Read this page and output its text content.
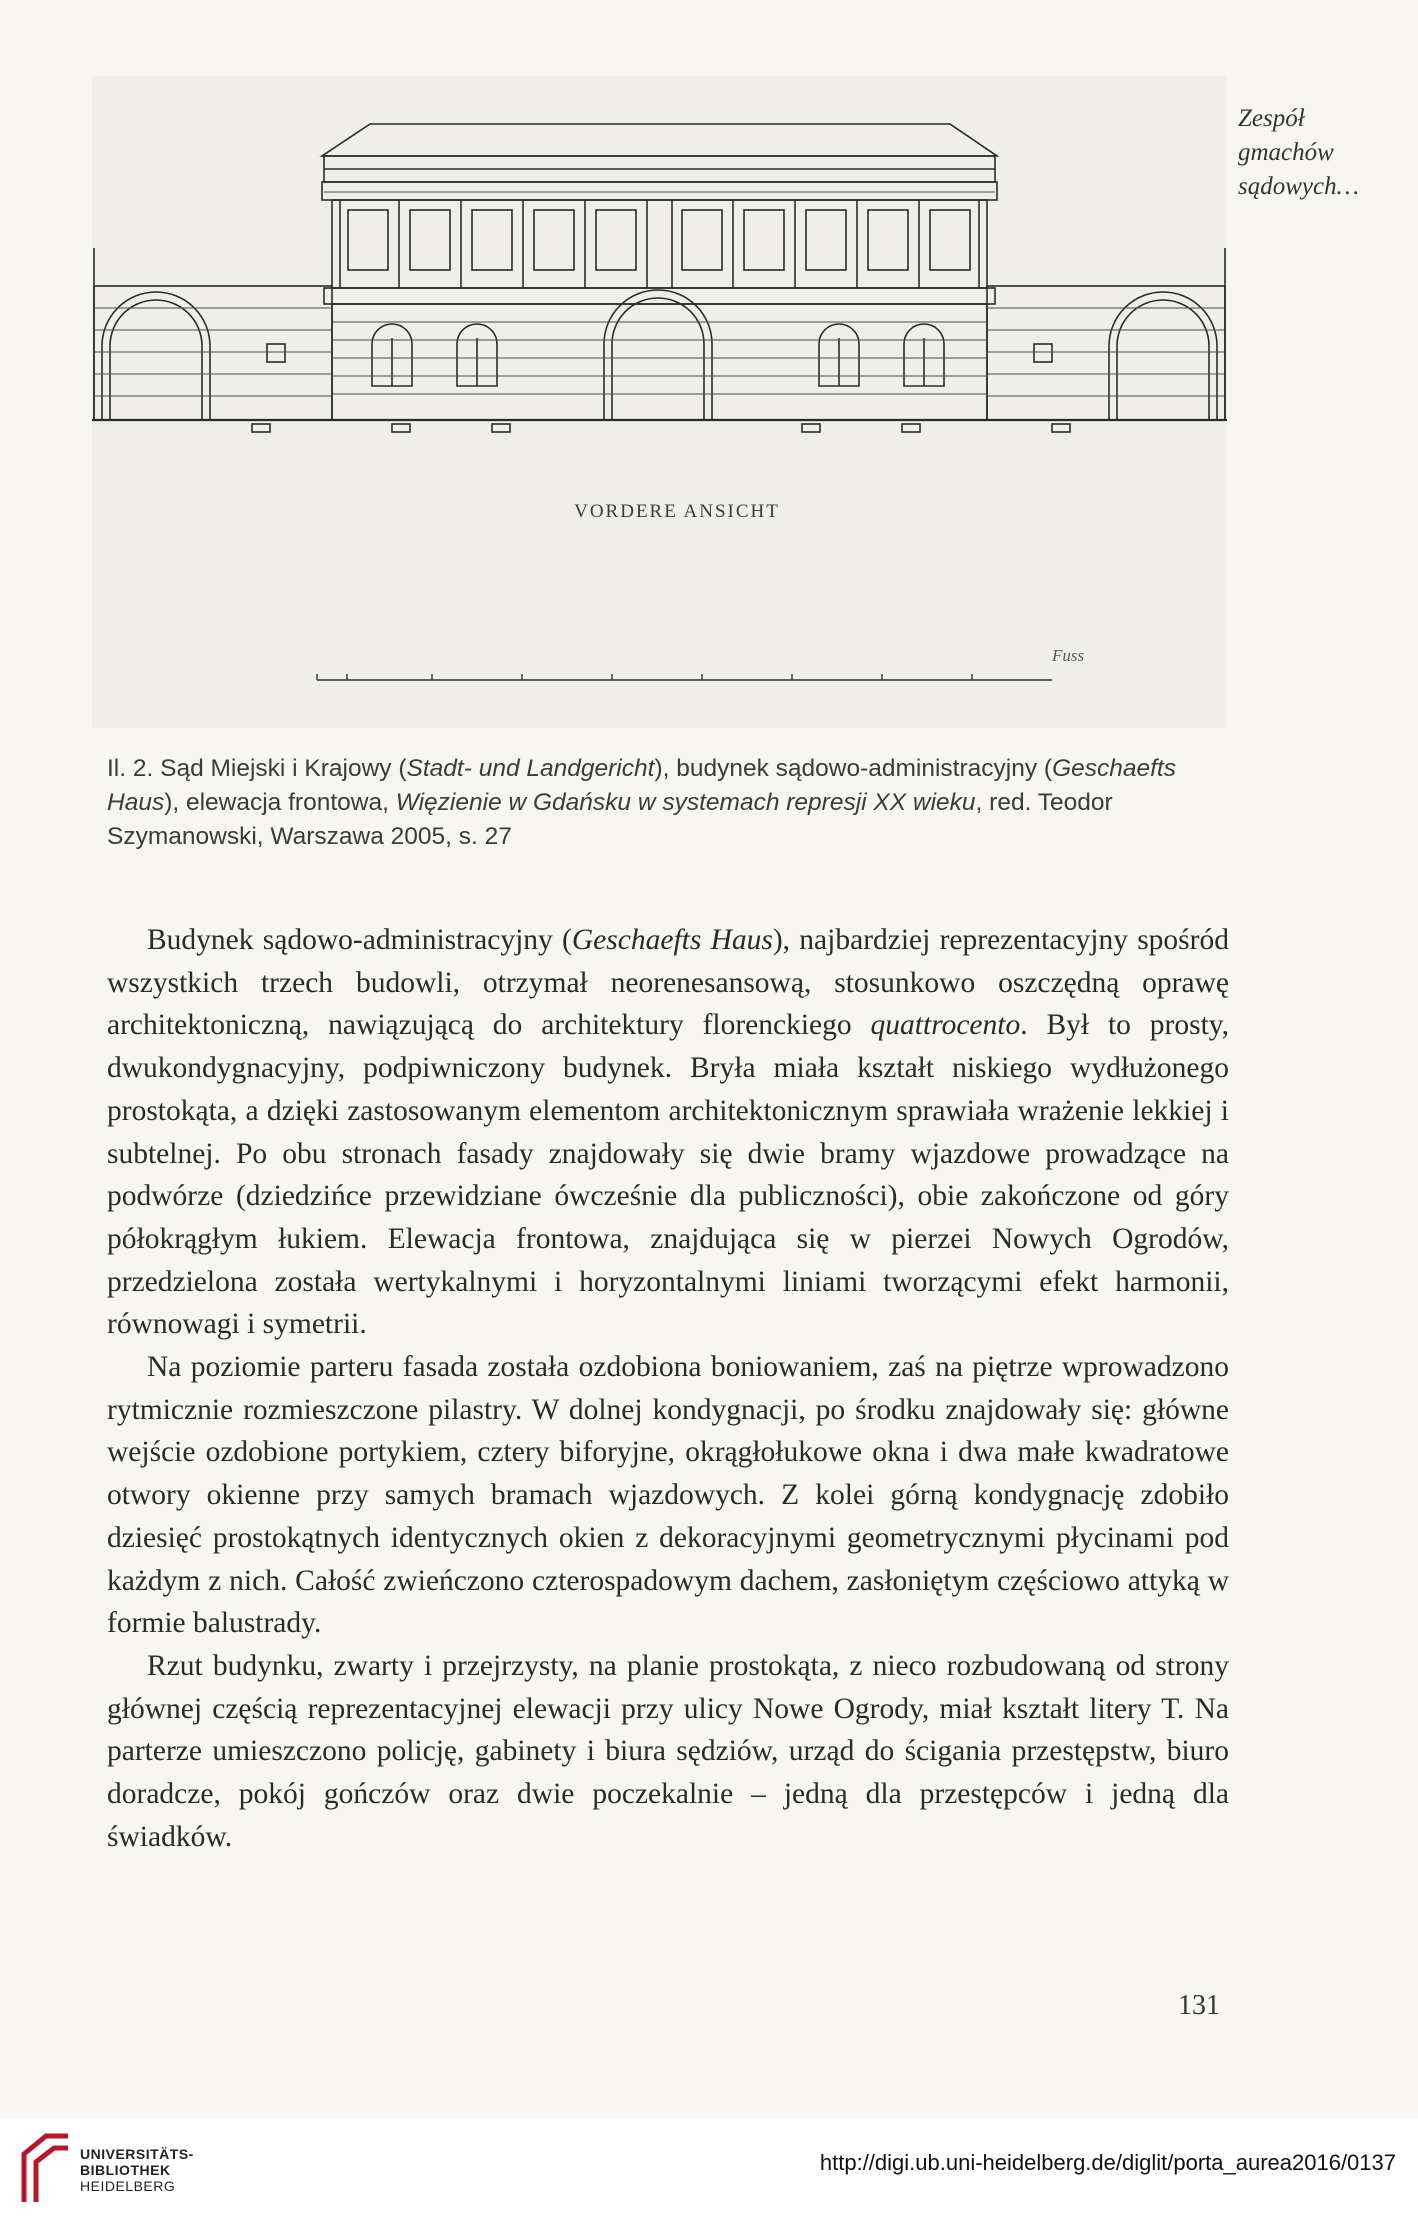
Zespół
gmachów
sądowych…
VORDERE ANSICHT
Fuss
Il. 2. Sąd Miejski i Krajowy (Stadt- und Landgericht), budynek sądowo-administracyjny (Geschaefts Haus), elewacja frontowa, Więzienie w Gdańsku w systemach represji XX wieku, red. Teodor Szymanowski, Warszawa 2005, s. 27

Budynek sądowo-administracyjny (Geschaefts Haus), najbardziej reprezentacyjny spośród wszystkich trzech budowli, otrzymał neorenesansową, stosunkowo oszczędną oprawę architektoniczną, nawiązującą do architektury florenckiego quattrocento. Był to prosty, dwukondygnacyjny, podpiwniczony budynek. Bryła miała kształt niskiego wydłużonego prostokąta, a dzięki zastosowanym elementom architektonicznym sprawiała wrażenie lekkiej i subtelnej. Po obu stronach fasady znajdowały się dwie bramy wjazdowe prowadzące na podwórze (dziedzińce przewidziane ówcześnie dla publiczności), obie zakończone od góry półokrągłym łukiem. Elewacja frontowa, znajdująca się w pierzei Nowych Ogrodów, przedzielona została wertykalnymi i horyzontalnymi liniami tworzącymi efekt harmonii, równowagi i symetrii.

Na poziomie parteru fasada została ozdobiona boniowaniem, zaś na piętrze wprowadzono rytmicznie rozmieszczone pilastry. W dolnej kondygnacji, po środku znajdowały się: główne wejście ozdobione portykiem, cztery biforyjne, okrągłołukowe okna i dwa małe kwadratowe otwory okienne przy samych bramach wjazdowych. Z kolei górną kondygnację zdobiło dziesięć prostokątnych identycznych okien z dekoracyjnymi geometrycznymi płycinami pod każdym z nich. Całość zwieńczono czterospadowym dachem, zasłoniętym częściowo attyką w formie balustrady.

Rzut budynku, zwarty i przejrzysty, na planie prostokąta, z nieco rozbudowaną od strony głównej częścią reprezentacyjnej elewacji przy ulicy Nowe Ogrody, miał kształt litery T. Na parterze umieszczono policję, gabinety i biura sędziów, urząd do ścigania przestępstw, biuro doradcze, pokój gończów oraz dwie poczekalnie – jedną dla przestępców i jedną dla świadków.

131
UNIVERSITÄTS-
BIBLIOTHEK
HEIDELBERG
http://digi.ub.uni-heidelberg.de/diglit/porta_aurea2016/0137
